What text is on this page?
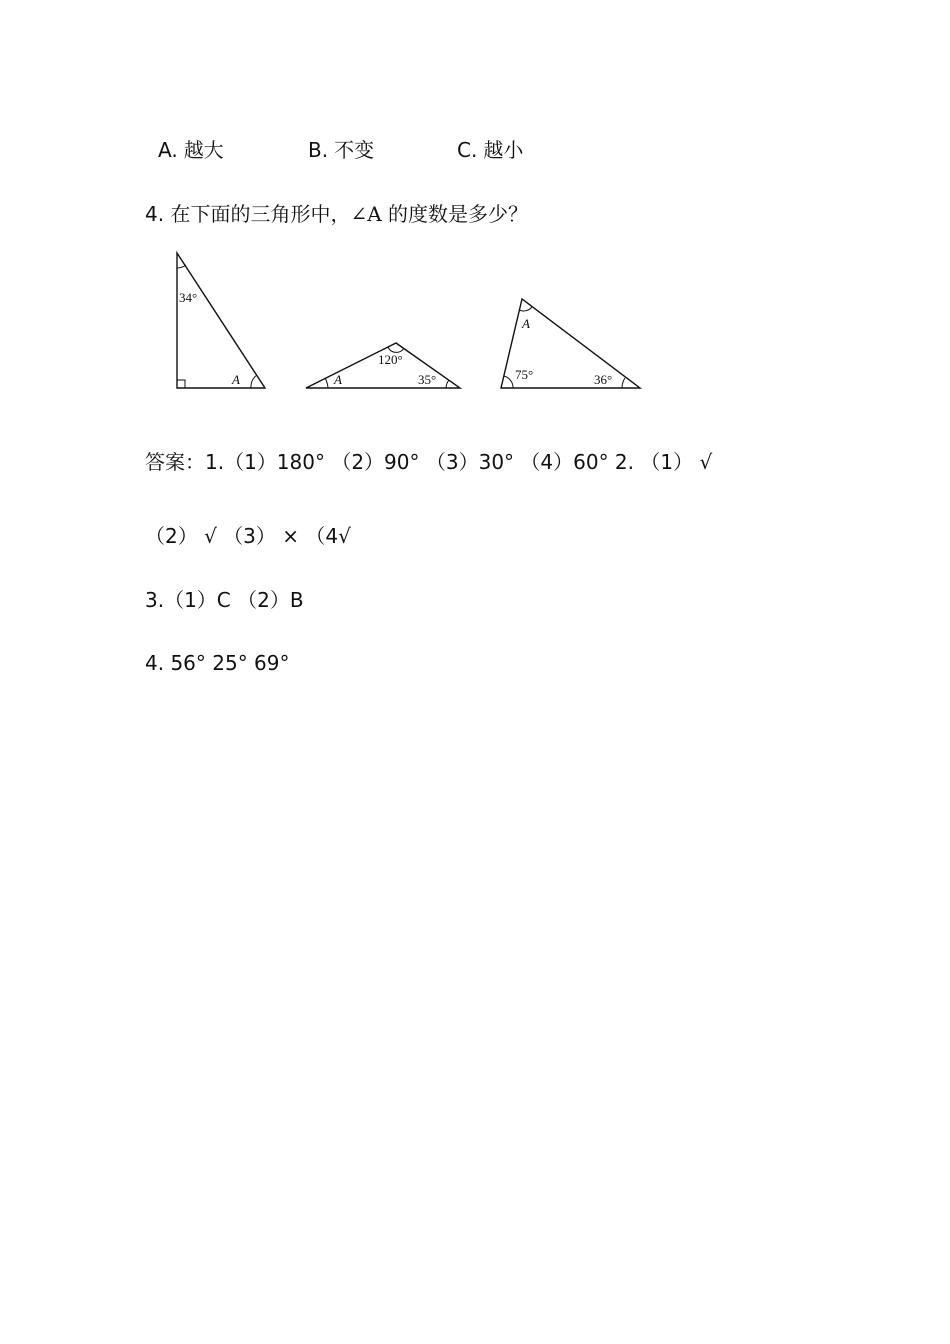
A. 越大	B. 不变	C. 越小
4. 在下面的三角形中，∠A 的度数是多少？
34°
A	A
120°
35°
A
75°	36°
答案：1.（1）180° （2）90° （3）30° （4）60° 2. （1） √
（2） √ （3） × （4√
3.（1）C （2）B
4. 56° 25° 69°
